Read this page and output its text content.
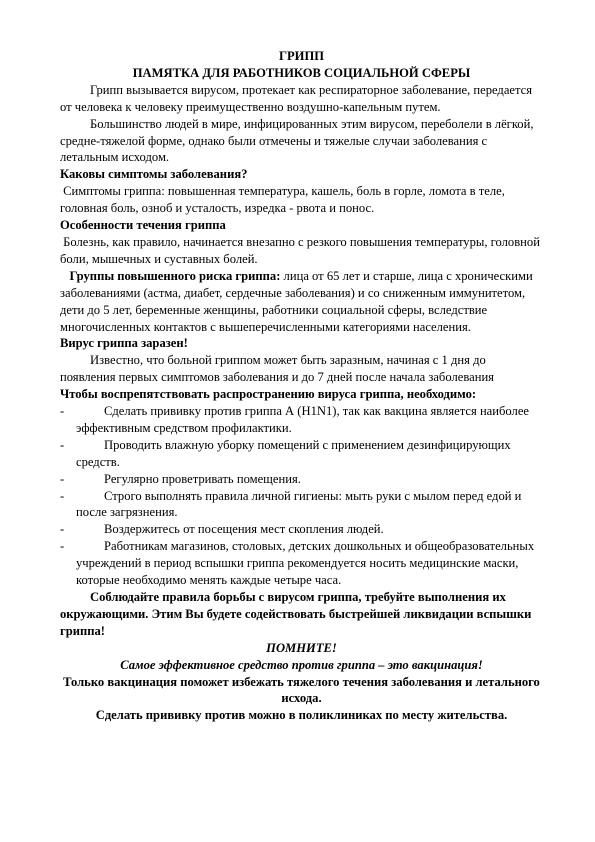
ГРИПП
ПАМЯТКА ДЛЯ РАБОТНИКОВ СОЦИАЛЬНОЙ СФЕРЫ

Грипп вызывается вирусом, протекает как респираторное заболевание, передается от человека к человеку преимущественно воздушно-капельным путем.

Большинство людей в мире, инфицированных этим вирусом, переболели в лёгкой, средне-тяжелой форме, однако были отмечены и тяжелые случаи заболевания с летальным исходом.

Каковы симптомы заболевания?

Симптомы гриппа: повышенная температура, кашель, боль в горле, ломота в теле, головная боль, озноб и усталость, изредка - рвота и понос.

Особенности течения гриппа

Болезнь, как правило, начинается внезапно с резкого повышения температуры, головной боли, мышечных и суставных болей.

Группы повышенного риска гриппа: лица от 65 лет и старше, лица с хроническими заболеваниями (астма, диабет, сердечные заболевания) и со сниженным иммунитетом, дети до 5 лет, беременные женщины, работники социальной сферы, вследствие многочисленных контактов с вышеперечисленными категориями населения.

Вирус гриппа заразен!

Известно, что больной гриппом может быть заразным, начиная с 1 дня до появления первых симптомов заболевания и до 7 дней после начала заболевания

Чтобы воспрепятствовать распространению вируса гриппа, необходимо:

-	Сделать прививку против гриппа А (H1N1), так как вакцина является наиболее эффективным средством профилактики.
-	Проводить влажную уборку помещений с применением дезинфицирующих средств.
-	Регулярно проветривать помещения.
-	Строго выполнять правила личной гигиены: мыть руки с мылом перед едой и после загрязнения.
-	Воздержитесь от посещения мест скопления людей.
-	Работникам магазинов, столовых, детских дошкольных и общеобразовательных учреждений в период вспышки гриппа рекомендуется носить медицинские маски, которые необходимо менять каждые четыре часа.

Соблюдайте правила борьбы с вирусом гриппа, требуйте выполнения их окружающими. Этим Вы будете содействовать быстрейшей ликвидации вспышки гриппа!

ПОМНИТЕ!

Самое эффективное средство против гриппа – это вакцинация!

Только вакцинация поможет избежать тяжелого течения заболевания и летального исхода.

Сделать прививку против можно в поликлиниках по месту жительства.
